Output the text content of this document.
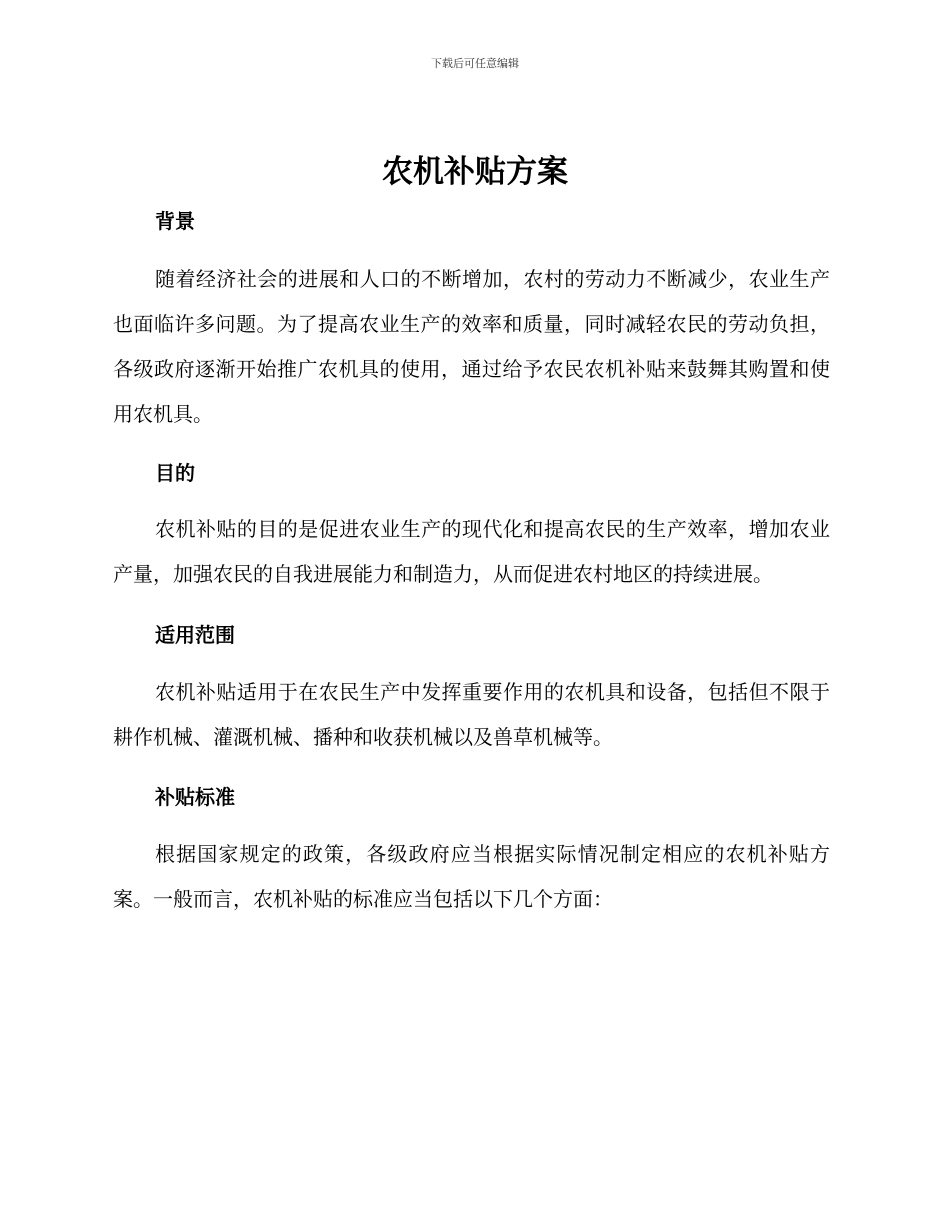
下载后可任意编辑
农机补贴方案
背景

随着经济社会的进展和人口的不断增加，农村的劳动力不断减少，农业生产也面临许多问题。为了提高农业生产的效率和质量，同时减轻农民的劳动负担，各级政府逐渐开始推广农机具的使用，通过给予农民农机补贴来鼓舞其购置和使用农机具。

目的

农机补贴的目的是促进农业生产的现代化和提高农民的生产效率，增加农业产量，加强农民的自我进展能力和制造力，从而促进农村地区的持续进展。

适用范围

农机补贴适用于在农民生产中发挥重要作用的农机具和设备，包括但不限于耕作机械、灌溉机械、播种和收获机械以及兽草机械等。

补贴标准

根据国家规定的政策，各级政府应当根据实际情况制定相应的农机补贴方案。一般而言，农机补贴的标准应当包括以下几个方面：
